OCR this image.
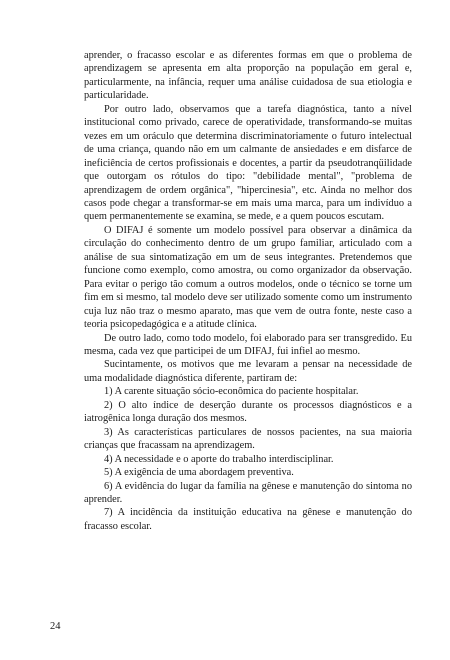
aprender, o fracasso escolar e as diferentes formas em que o problema de aprendizagem se apresenta em alta proporção na população em geral e, particularmente, na infância, requer uma análise cuidadosa de sua etiologia e particularidade.

Por outro lado, observamos que a tarefa diagnóstica, tanto a nível institucional como privado, carece de operatividade, transformando-se muitas vezes em um oráculo que determina discriminatoriamente o futuro intelectual de uma criança, quando não em um calmante de ansiedades e em disfarce de ineficiência de certos profissionais e docentes, a partir da pseudotranqüilidade que outorgam os rótulos do tipo: "debilidade mental", "problema de aprendizagem de ordem orgânica", "hipercinesia", etc. Ainda no melhor dos casos pode chegar a transformar-se em mais uma marca, para um indivíduo a quem permanentemente se examina, se mede, e a quem poucos escutam.

O DIFAJ é somente um modelo possível para observar a dinâmica da circulação do conhecimento dentro de um grupo familiar, articulado com a análise de sua sintomatização em um de seus integrantes. Pretendemos que funcione como exemplo, como amostra, ou como organizador da observação. Para evitar o perigo tão comum a outros modelos, onde o técnico se torne um fim em si mesmo, tal modelo deve ser utilizado somente como um instrumento cuja luz não traz o mesmo aparato, mas que vem de outra fonte, neste caso a teoria psicopedagógica e a atitude clínica.

De outro lado, como todo modelo, foi elaborado para ser transgredido. Eu mesma, cada vez que participei de um DIFAJ, fui infiel ao mesmo.

Sucintamente, os motivos que me levaram a pensar na necessidade de uma modalidade diagnóstica diferente, partiram de:

1) A carente situação sócio-econômica do paciente hospitalar.

2) O alto índice de deserção durante os processos diagnósticos e a iatrogênica longa duração dos mesmos.

3) As características particulares de nossos pacientes, na sua maioria crianças que fracassam na aprendizagem.

4) A necessidade e o aporte do trabalho interdisciplinar.

5) A exigência de uma abordagem preventiva.

6) A evidência do lugar da família na gênese e manutenção do sintoma no aprender.

7) A incidência da instituição educativa na gênese e manutenção do fracasso escolar.

24
